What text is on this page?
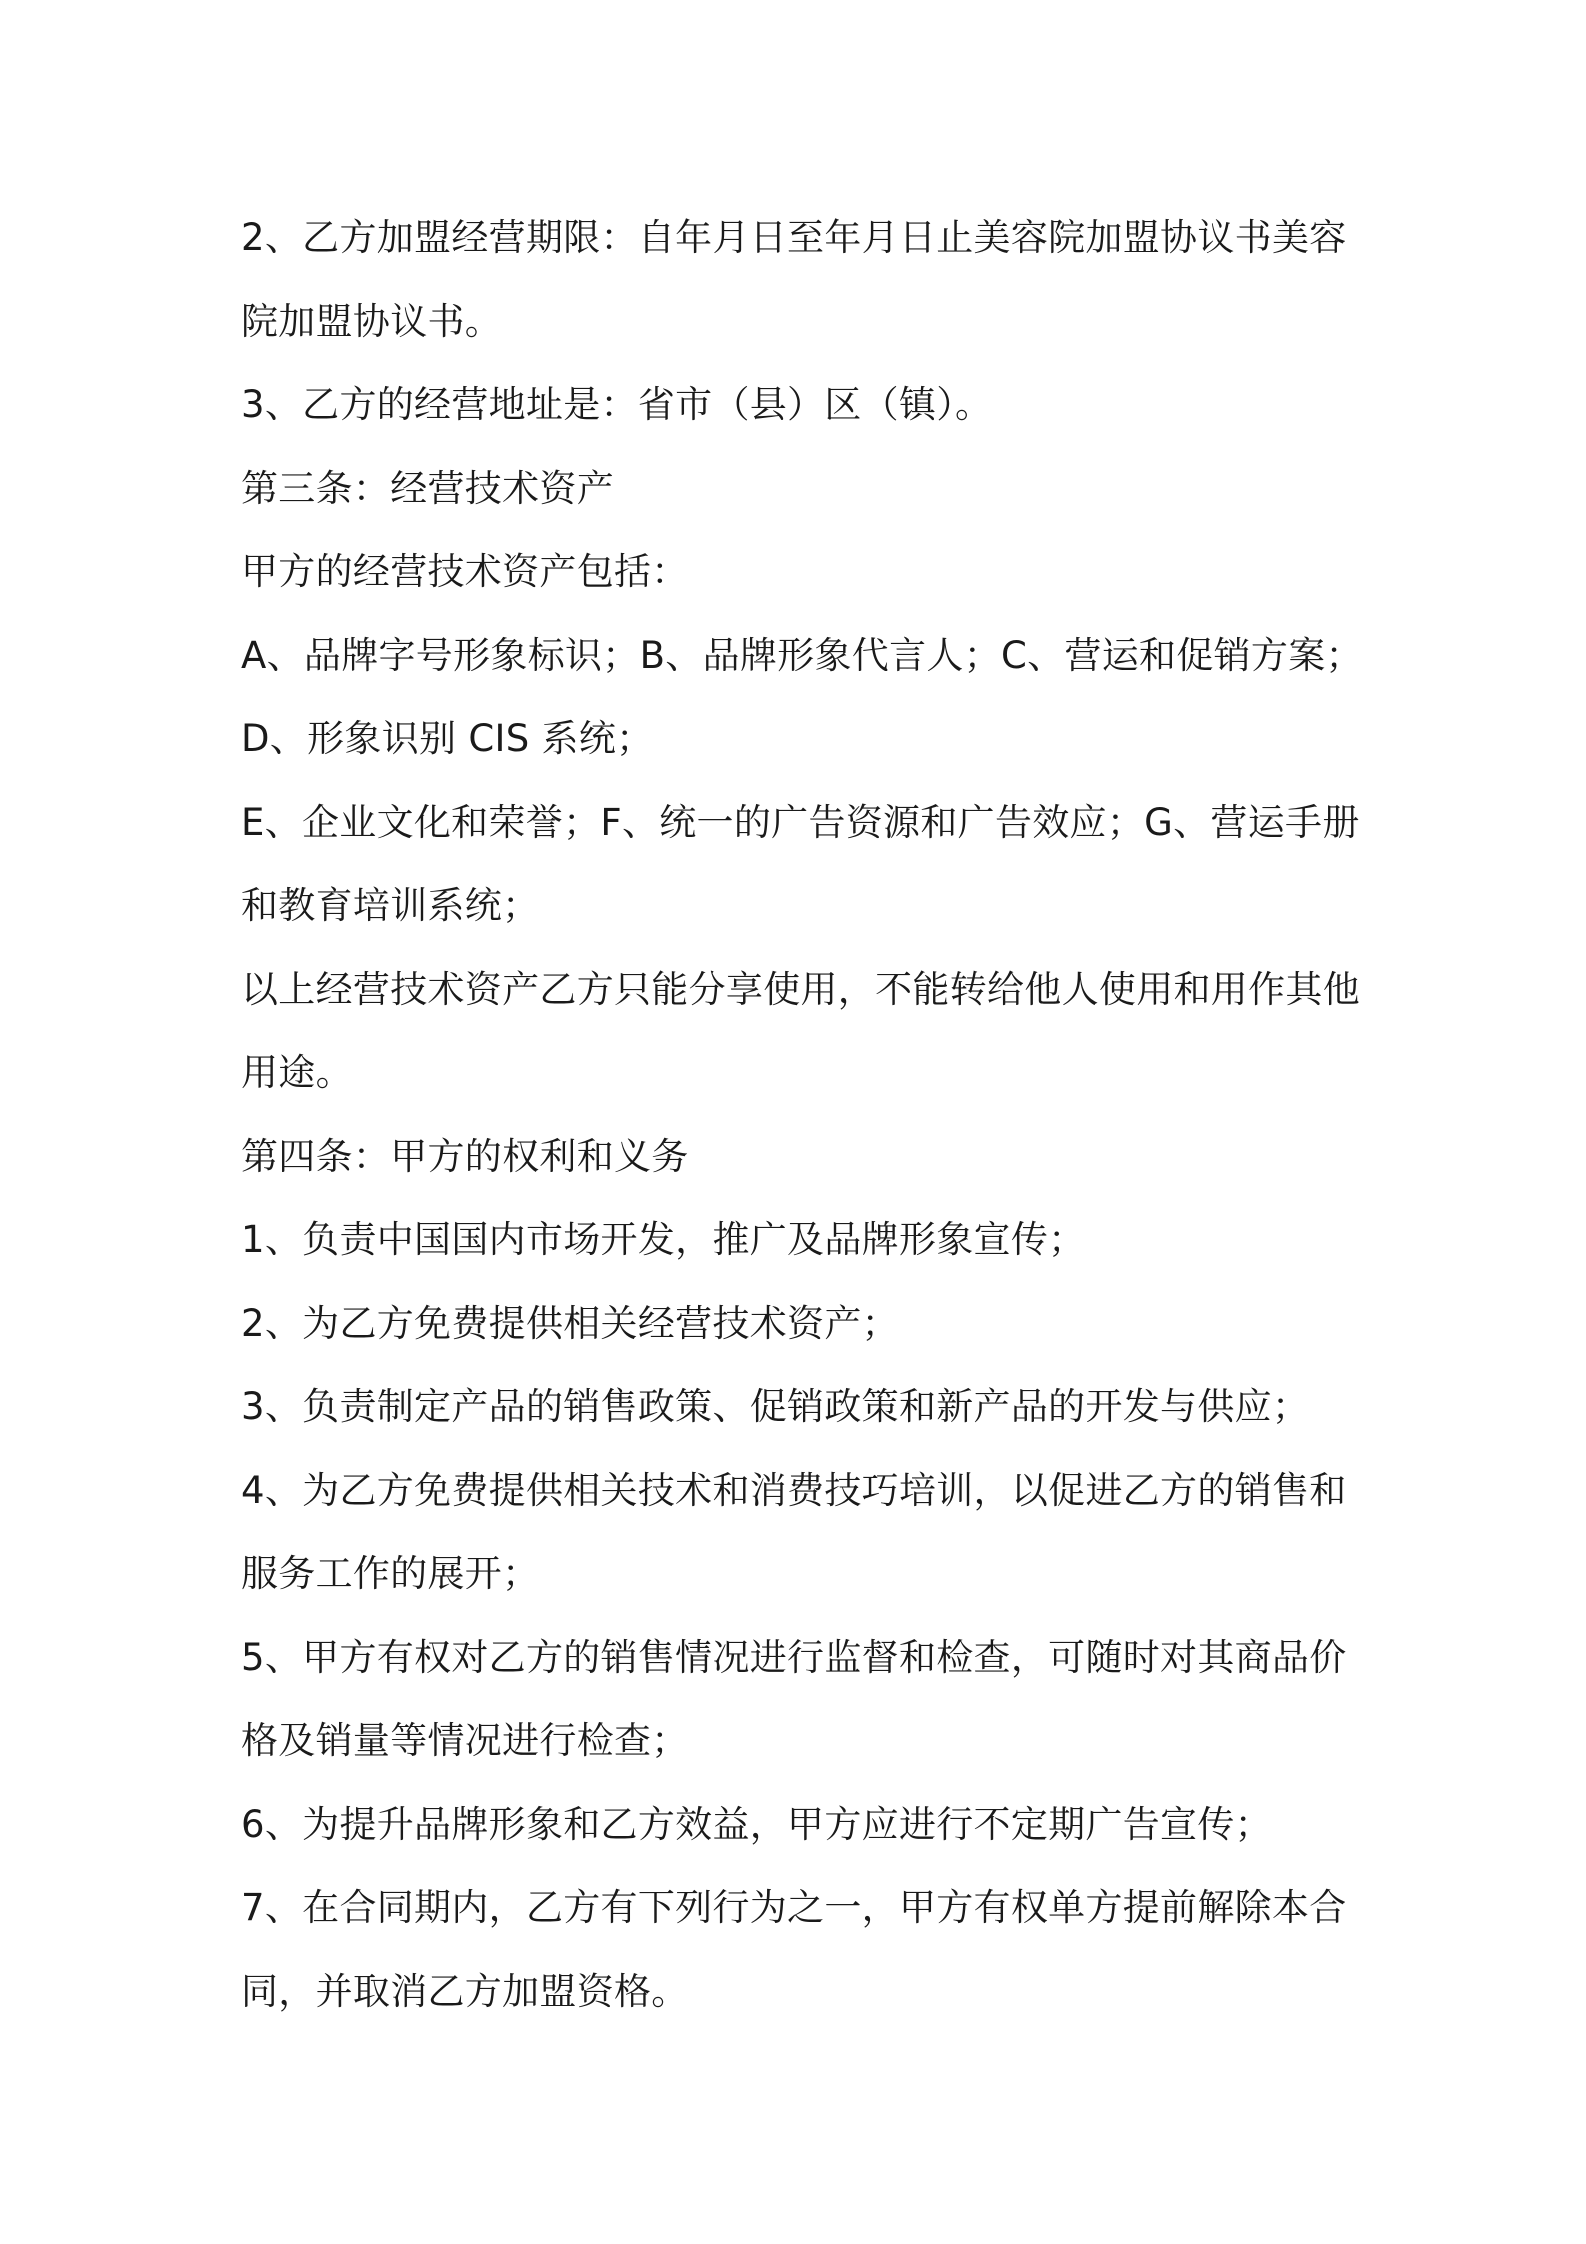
2、乙方加盟经营期限：自年月日至年月日止美容院加盟协议书美容院加盟协议书。

3、乙方的经营地址是：省市（县）区（镇）。

第三条：经营技术资产

甲方的经营技术资产包括：

A、品牌字号形象标识；B、品牌形象代言人；C、营运和促销方案；

D、形象识别 CIS 系统；

E、企业文化和荣誉；F、统一的广告资源和广告效应；G、营运手册和教育培训系统；

以上经营技术资产乙方只能分享使用，不能转给他人使用和用作其他用途。

第四条：甲方的权利和义务

1、负责中国国内市场开发，推广及品牌形象宣传；

2、为乙方免费提供相关经营技术资产；

3、负责制定产品的销售政策、促销政策和新产品的开发与供应；

4、为乙方免费提供相关技术和消费技巧培训，以促进乙方的销售和服务工作的展开；

5、甲方有权对乙方的销售情况进行监督和检查，可随时对其商品价格及销量等情况进行检查；

6、为提升品牌形象和乙方效益，甲方应进行不定期广告宣传；

7、在合同期内，乙方有下列行为之一，甲方有权单方提前解除本合同，并取消乙方加盟资格。
